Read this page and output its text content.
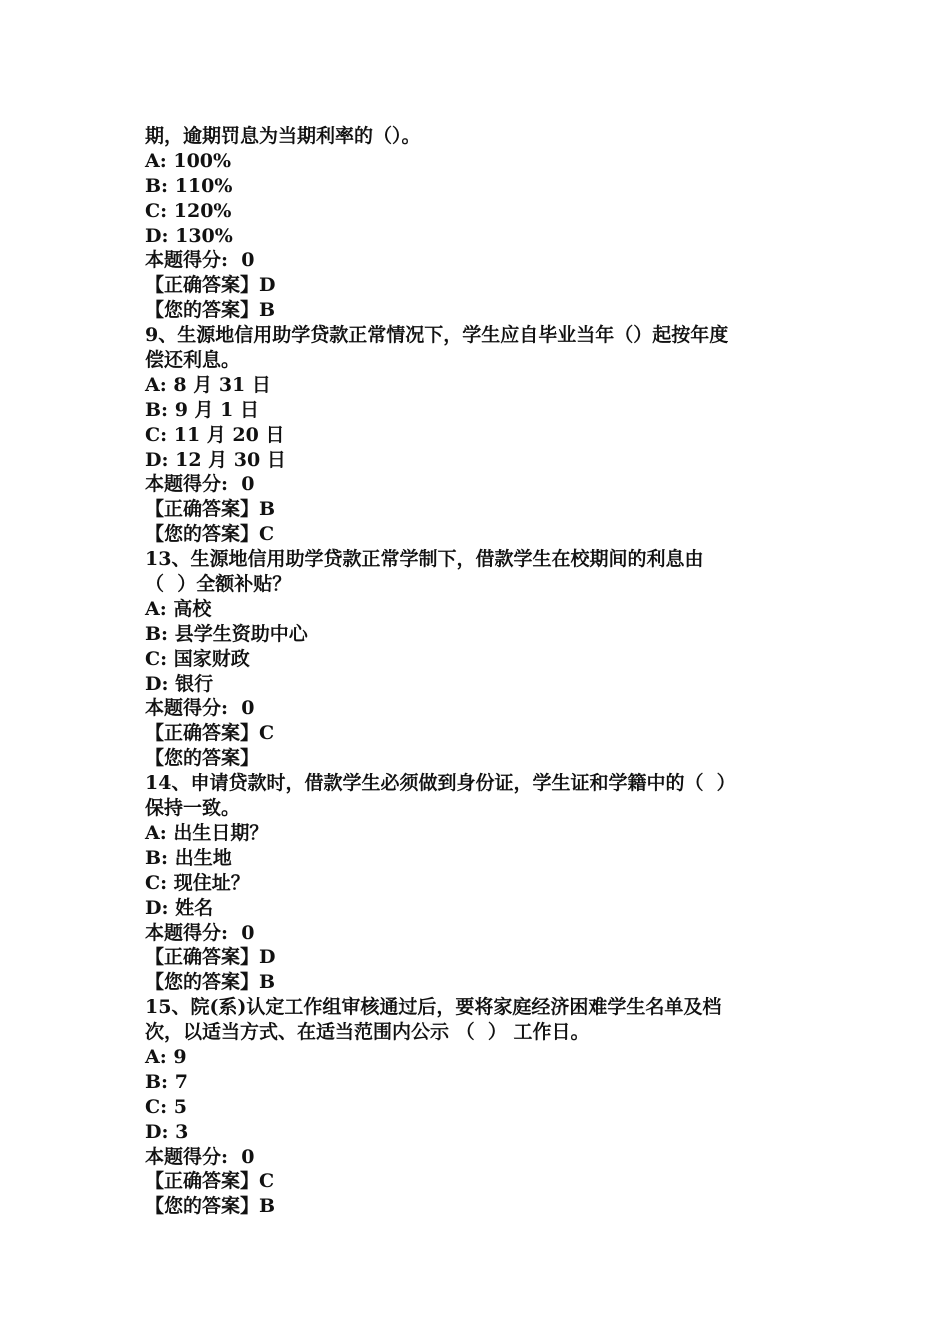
期，逾期罚息为当期利率的（）。
A: 100%
B: 110%
C: 120%
D: 130%
本题得分:  0
【正确答案】D
【您的答案】B
9、生源地信用助学贷款正常情况下，学生应自毕业当年（）起按年度
偿还利息。
A: 8 月 31 日
B: 9 月 1 日
C: 11 月 20 日
D: 12 月 30 日
本题得分:  0
【正确答案】B
【您的答案】C
13、生源地信用助学贷款正常学制下，借款学生在校期间的利息由
（  ）全额补贴？
A: 高校
B: 县学生资助中心
C: 国家财政
D: 银行
本题得分:  0
【正确答案】C
【您的答案】
14、申请贷款时，借款学生必须做到身份证，学生证和学籍中的（  ）
保持一致。
A: 出生日期？
B: 出生地
C: 现住址？
D: 姓名
本题得分:  0
【正确答案】D
【您的答案】B
15、院(系)认定工作组审核通过后，要将家庭经济困难学生名单及档
次，以适当方式、在适当范围内公示 （  ） 工作日。
A: 9
B: 7
C: 5
D: 3
本题得分:  0
【正确答案】C
【您的答案】B
